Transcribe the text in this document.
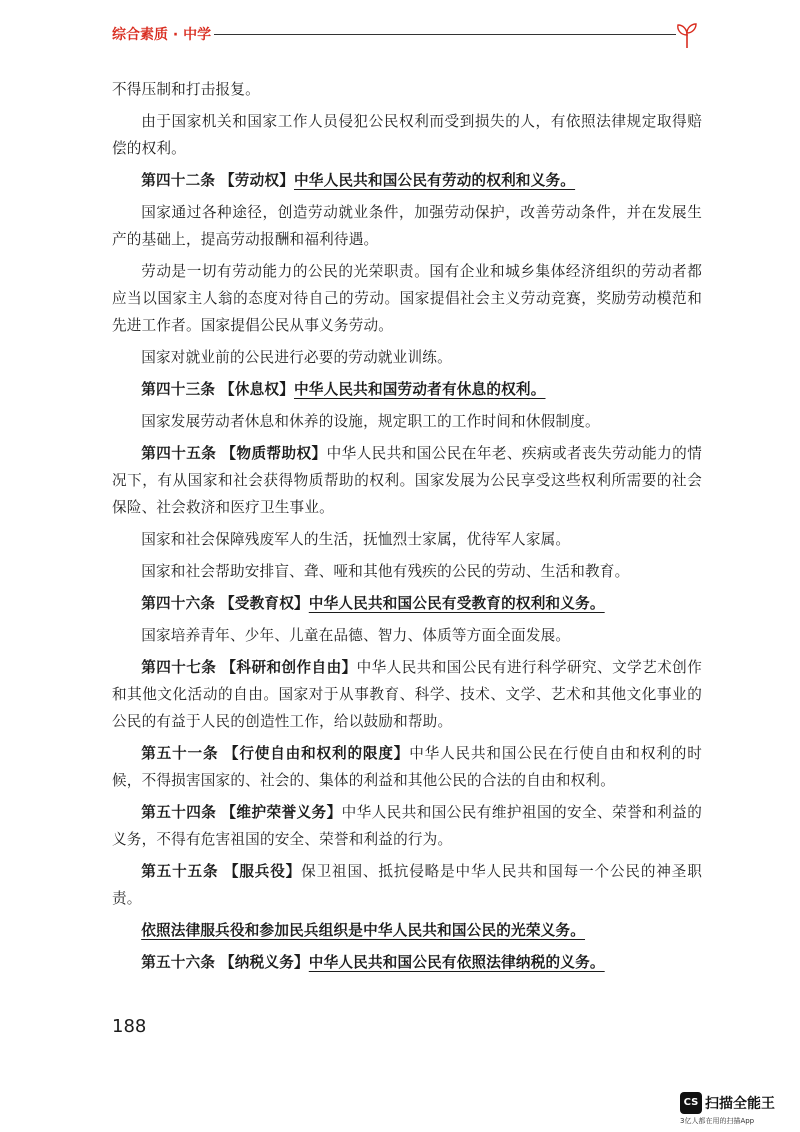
综合素质 · 中学

不得压制和打击报复。

由于国家机关和国家工作人员侵犯公民权利而受到损失的人，有依照法律规定取得赔偿的权利。

第四十二条 【劳动权】中华人民共和国公民有劳动的权利和义务。

国家通过各种途径，创造劳动就业条件，加强劳动保护，改善劳动条件，并在发展生产的基础上，提高劳动报酬和福利待遇。

劳动是一切有劳动能力的公民的光荣职责。国有企业和城乡集体经济组织的劳动者都应当以国家主人翁的态度对待自己的劳动。国家提倡社会主义劳动竞赛，奖励劳动模范和先进工作者。国家提倡公民从事义务劳动。

国家对就业前的公民进行必要的劳动就业训练。

第四十三条 【休息权】中华人民共和国劳动者有休息的权利。

国家发展劳动者休息和休养的设施，规定职工的工作时间和休假制度。

第四十五条 【物质帮助权】中华人民共和国公民在年老、疾病或者丧失劳动能力的情况下，有从国家和社会获得物质帮助的权利。国家发展为公民享受这些权利所需要的社会保险、社会救济和医疗卫生事业。

国家和社会保障残废军人的生活，抚恤烈士家属，优待军人家属。

国家和社会帮助安排盲、聋、哑和其他有残疾的公民的劳动、生活和教育。

第四十六条 【受教育权】中华人民共和国公民有受教育的权利和义务。

国家培养青年、少年、儿童在品德、智力、体质等方面全面发展。

第四十七条 【科研和创作自由】中华人民共和国公民有进行科学研究、文学艺术创作和其他文化活动的自由。国家对于从事教育、科学、技术、文学、艺术和其他文化事业的公民的有益于人民的创造性工作，给以鼓励和帮助。

第五十一条 【行使自由和权利的限度】中华人民共和国公民在行使自由和权利的时候，不得损害国家的、社会的、集体的利益和其他公民的合法的自由和权利。

第五十四条 【维护荣誉义务】中华人民共和国公民有维护祖国的安全、荣誉和利益的义务，不得有危害祖国的安全、荣誉和利益的行为。

第五十五条 【服兵役】保卫祖国、抵抗侵略是中华人民共和国每一个公民的神圣职责。

依照法律服兵役和参加民兵组织是中华人民共和国公民的光荣义务。

第五十六条 【纳税义务】中华人民共和国公民有依照法律纳税的义务。

188
CS 扫描全能王
3亿人都在用的扫描App
